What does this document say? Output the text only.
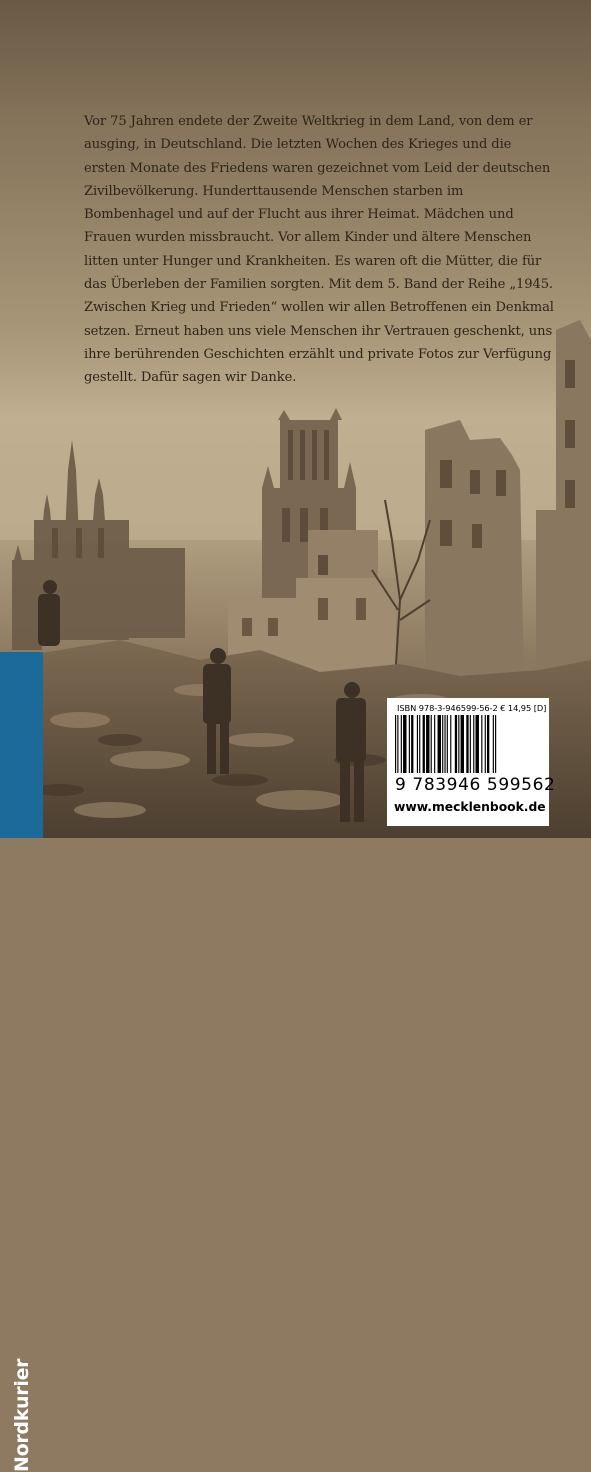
Vor 75 Jahren endete der Zweite Weltkrieg in dem Land, von dem er ausging, in Deutschland. Die letzten Wochen des Krieges und die ersten Monate des Friedens waren gezeichnet vom Leid der deutschen Zivilbevölkerung. Hunderttausende Menschen starben im Bombenhagel und auf der Flucht aus ihrer Heimat. Mädchen und Frauen wurden missbraucht. Vor allem Kinder und ältere Menschen litten unter Hunger und Krankheiten. Es waren oft die Mütter, die für das Überleben der Familien sorgten. Mit dem 5. Band der Reihe „1945. Zwischen Krieg und Frieden“ wollen wir allen Betroffenen ein Denkmal setzen. Erneut haben uns viele Menschen ihr Vertrauen geschenkt, uns ihre berührenden Geschichten erzählt und private Fotos zur Verfügung gestellt. Dafür sagen wir Danke.

Nordkurier
ISBN 978-3-946599-56-2 € 14,95 [D]
9 783946 599562
www.mecklenbook.de
